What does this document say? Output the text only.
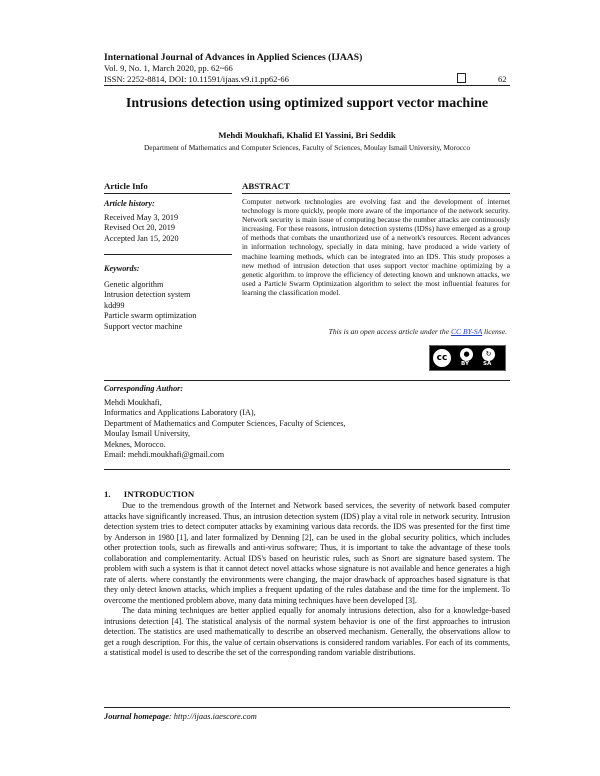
International Journal of Advances in Applied Sciences (IJAAS)
Vol. 9, No. 1, March 2020, pp. 62~66
ISSN: 2252-8814, DOI: 10.11591/ijaas.v9.i1.pp62-66	62
Intrusions detection using optimized support vector machine
Mehdi Moukhafi, Khalid El Yassini, Bri Seddik
Department of Mathematics and Computer Sciences, Faculty of Sciences, Moulay Ismail University, Morocco
Article Info
Article history:
Received May 3, 2019
Revised Oct 20, 2019
Accepted Jan 15, 2020
Keywords:
Genetic algorithm
Intrusion detection system
kdd99
Particle swarm optimization
Support vector machine
ABSTRACT
Computer network technologies are evolving fast and the development of internet technology is more quickly, people more aware of the importance of the network security. Network security is main issue of computing because the number attacks are continuously increasing. For these reasons, intrusion detection systems (IDSs) have emerged as a group of methods that combats the unauthorized use of a network's resources. Recent advances in information technology, specially in data mining, have produced a wide variety of machine learning methods, which can be integrated into an IDS. This study proposes a new method of intrusion detection that uses support vector machine optimizing by a genetic algorithm. to improve the efficiency of detecting known and unknown attacks, we used a Particle Swarm Optimization algorithm to select the most influential features for learning the classification model.
This is an open access article under the CC BY-SA license.
cc	●	↻
BY SA
Corresponding Author:
Mehdi Moukhafi,
Informatics and Applications Laboratory (IA),
Department of Mathematics and Computer Sciences, Faculty of Sciences,
Moulay Ismail University,
Meknes, Morocco.
Email: mehdi.moukhafi@gmail.com
1.      INTRODUCTION

Due to the tremendous growth of the Internet and Network based services, the severity of network based computer attacks have significantly increased. Thus, an intrusion detection system (IDS) play a vital role in network security. Intrusion detection system tries to detect computer attacks by examining various data records. the IDS was presented for the first time by Anderson in 1980 [1], and later formalized by Denning [2], can be used in the global security politics, which includes other protection tools, such as firewalls and anti-virus software; Thus, it is important to take the advantage of these tools collaboration and complementarity. Actual IDS's based on heuristic rules, such as Snort are signature based system. The problem with such a system is that it cannot detect novel attacks whose signature is not available and hence generates a high rate of alerts. where constantly the environments were changing, the major drawback of approaches based signature is that they only detect known attacks, which implies a frequent updating of the rules database and the time for the implement. To overcome the mentioned problem above, many data mining techniques have been developed [3].

The data mining techniques are better applied equally for anomaly intrusions detection, also for a knowledge-based intrusions detection [4]. The statistical analysis of the normal system behavior is one of the first approaches to intrusion detection. The statistics are used mathematically to describe an observed mechanism. Generally, the observations allow to get a rough description. For this, the value of certain observations is considered random variables. For each of its comments, a statistical model is used to describe the set of the corresponding random variable distributions.

Journal homepage: http://ijaas.iaescore.com
